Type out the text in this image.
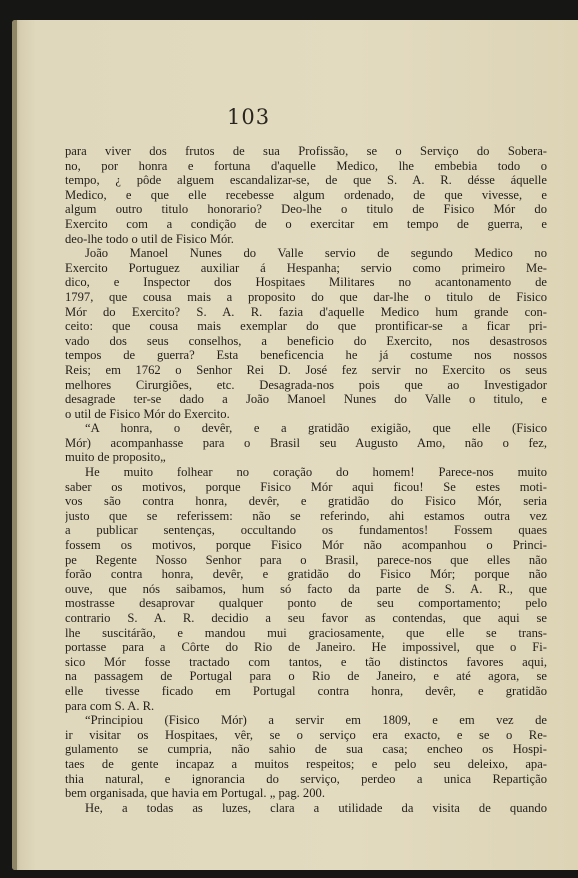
103
para viver dos frutos de sua Profissão, se o Serviço do Sobera-
no, por honra e fortuna d'aquelle Medico, lhe embebia todo o
tempo, ¿ pôde alguem escandalizar-se, de que S. A. R. désse áquelle
Medico, e que elle recebesse algum ordenado, de que vivesse, e
algum outro titulo honorario? Deo-lhe o titulo de Fisico Mór do
Exercito com a condição de o exercitar em tempo de guerra, e
deo-lhe todo o util de Fisico Mór.
João Manoel Nunes do Valle servio de segundo Medico no
Exercito Portuguez auxiliar á Hespanha; servio como primeiro Me-
dico, e Inspector dos Hospitaes Militares no acantonamento de
1797, que cousa mais a proposito do que dar-lhe o titulo de Fisico
Mór do Exercito? S. A. R. fazia d'aquelle Medico hum grande con-
ceito: que cousa mais exemplar do que prontificar-se a ficar pri-
vado dos seus conselhos, a beneficio do Exercito, nos desastrosos
tempos de guerra? Esta beneficencia he já costume nos nossos
Reis; em 1762 o Senhor Rei D. José fez servir no Exercito os seus
melhores Cirurgiões, etc. Desagrada-nos pois que ao Investigador
desagrade ter-se dado a João Manoel Nunes do Valle o titulo, e
o util de Fisico Mór do Exercito.
“A honra, o devêr, e a gratidão exigião, que elle (Fisico
Mór) acompanhasse para o Brasil seu Augusto Amo, não o fez,
muito de proposito„
He muito folhear no coração do homem! Parece-nos muito
saber os motivos, porque Fisico Mór aqui ficou! Se estes moti-
vos são contra honra, devêr, e gratidão do Fisico Mór, seria
justo que se referissem: não se referindo, ahi estamos outra vez
a publicar sentenças, occultando os fundamentos! Fossem quaes
fossem os motivos, porque Fisico Mór não acompanhou o Princi-
pe Regente Nosso Senhor para o Brasil, parece-nos que elles não
forão contra honra, devêr, e gratidão do Fisico Mór; porque não
ouve, que nós saibamos, hum só facto da parte de S. A. R., que
mostrasse desaprovar qualquer ponto de seu comportamento; pelo
contrario S. A. R. decidio a seu favor as contendas, que aqui se
lhe suscitárão, e mandou mui graciosamente, que elle se trans-
portasse para a Côrte do Rio de Janeiro. He impossivel, que o Fi-
sico Mór fosse tractado com tantos, e tão distinctos favores aqui,
na passagem de Portugal para o Rio de Janeiro, e até agora, se
elle tivesse ficado em Portugal contra honra, devêr, e gratidão
para com S. A. R.
“Principiou (Fisico Mór) a servir em 1809, e em vez de
ir visitar os Hospitaes, vêr, se o serviço era exacto, e se o Re-
gulamento se cumpria, não sahio de sua casa; encheo os Hospi-
taes de gente incapaz a muitos respeitos; e pelo seu deleixo, apa-
thia natural, e ignorancia do serviço, perdeo a unica Repartição
bem organisada, que havia em Portugal. „ pag. 200.
He, a todas as luzes, clara a utilidade da visita de quando
